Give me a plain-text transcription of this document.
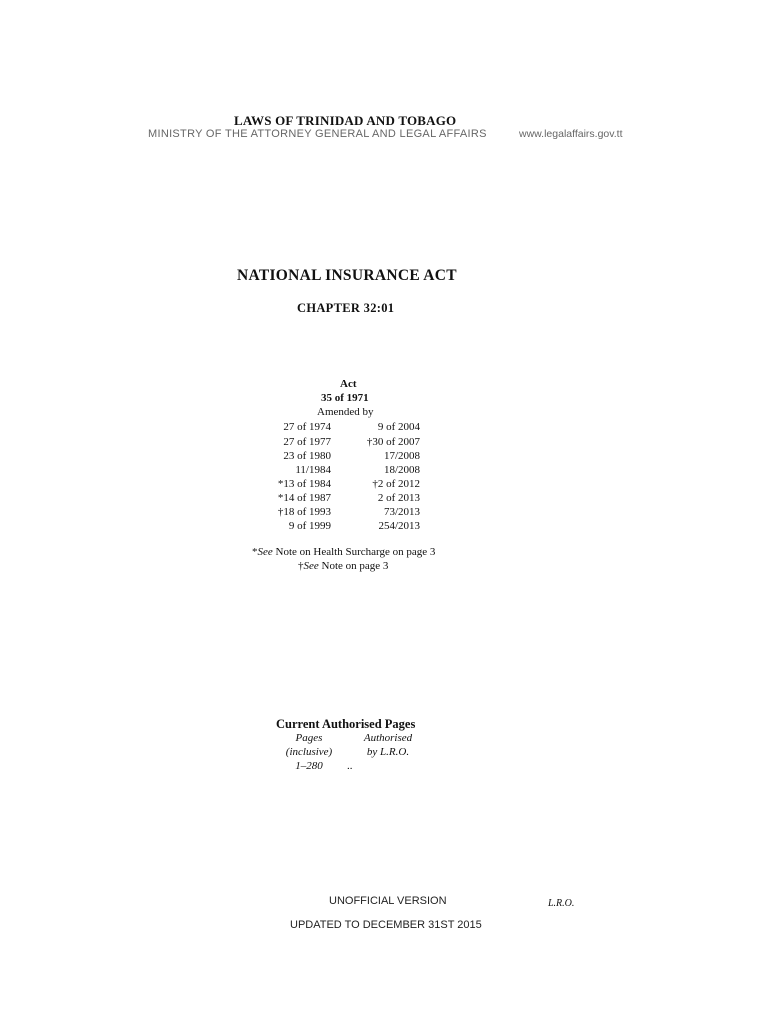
LAWS OF TRINIDAD AND TOBAGO
MINISTRY OF THE ATTORNEY GENERAL AND LEGAL AFFAIRS	www.legalaffairs.gov.tt
NATIONAL INSURANCE ACT
CHAPTER 32:01
Act
35 of 1971
Amended by
27 of 1974	9 of 2004
27 of 1977	†30 of 2007
23 of 1980	17/2008
11/1984	18/2008
*13 of 1984	†2 of 2012
*14 of 1987	2 of 2013
†18 of 1993	73/2013
9 of 1999	254/2013
*See Note on Health Surcharge on page 3
†See Note on page 3
Current Authorised Pages
Pages	Authorised
(inclusive)	by L.R.O.
1–280	..
UNOFFICIAL VERSION	L.R.O.
UPDATED TO DECEMBER 31ST 2015
